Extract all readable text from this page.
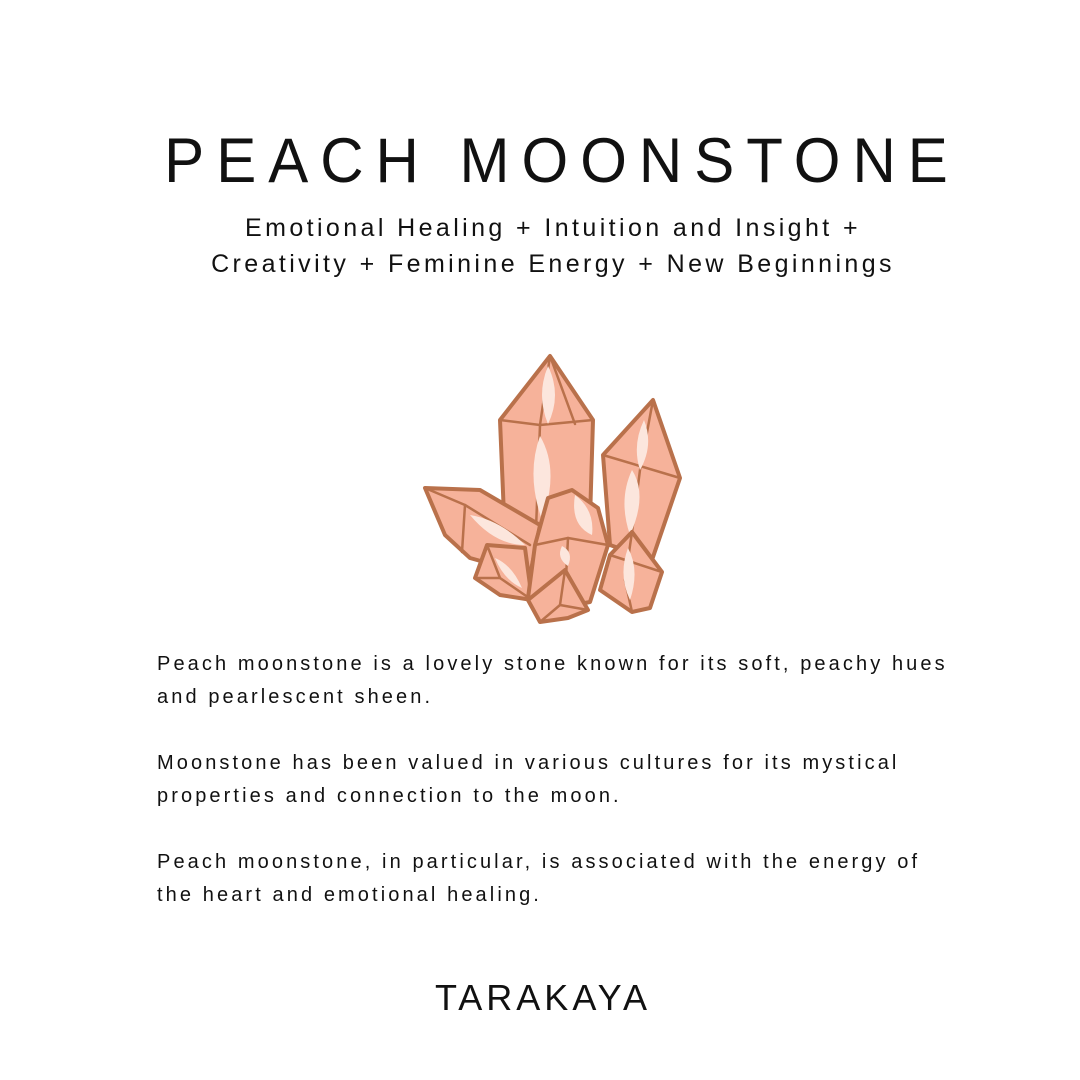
PEACH MOONSTONE
Emotional Healing + Intuition and Insight + Creativity + Feminine Energy + New Beginnings

Peach moonstone is a lovely stone known for its soft, peachy hues and pearlescent sheen.

Moonstone has been valued in various cultures for its mystical properties and connection to the moon.

Peach moonstone, in particular, is associated with the energy of the heart and emotional healing.

TARAKAYA
